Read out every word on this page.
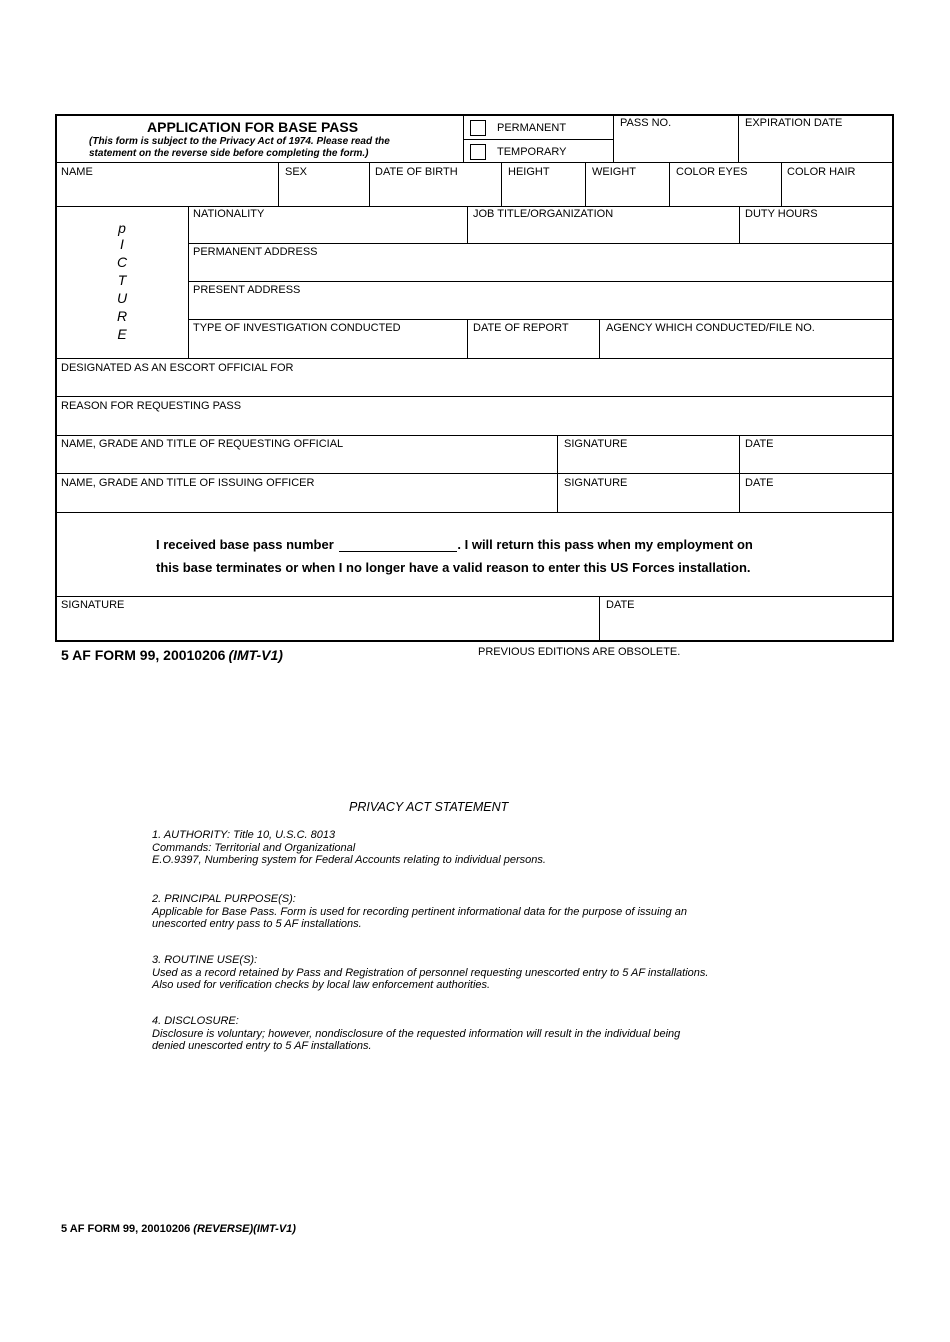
APPLICATION FOR BASE PASS
(This form is subject to the Privacy Act of 1974. Please read the
statement on the reverse side before completing the form.)
PERMANENT
TEMPORARY
PASS NO.	EXPIRATION DATE
NAME	SEX	DATE OF BIRTH	HEIGHT	WEIGHT	COLOR EYES	COLOR HAIR
p
I
C
T
U
R
E
NATIONALITY	JOB TITLE/ORGANIZATION	DUTY HOURS
PERMANENT ADDRESS
PRESENT ADDRESS
TYPE OF INVESTIGATION CONDUCTED	DATE OF REPORT	AGENCY WHICH CONDUCTED/FILE NO.
DESIGNATED AS AN ESCORT OFFICIAL FOR
REASON FOR REQUESTING PASS
NAME, GRADE AND TITLE OF REQUESTING OFFICIAL	SIGNATURE	DATE
NAME, GRADE AND TITLE OF ISSUING OFFICER	SIGNATURE	DATE
I received base pass number	. I will return this pass when my employment on
this base terminates or when I no longer have a valid reason to enter this US Forces installation.
SIGNATURE	DATE
5 AF FORM 99, 20010206 (IMT-V1)	PREVIOUS EDITIONS ARE OBSOLETE.
PRIVACY ACT STATEMENT
1. AUTHORITY: Title 10, U.S.C. 8013
Commands: Territorial and Organizational
E.O.9397, Numbering system for Federal Accounts relating to individual persons.
2. PRINCIPAL PURPOSE(S):
Applicable for Base Pass. Form is used for recording pertinent informational data for the purpose of issuing an
unescorted entry pass to 5 AF installations.
3. ROUTINE USE(S):
Used as a record retained by Pass and Registration of personnel requesting unescorted entry to 5 AF installations.
Also used for verification checks by local law enforcement authorities.
4. DISCLOSURE:
Disclosure is voluntary; however, nondisclosure of the requested information will result in the individual being
denied unescorted entry to 5 AF installations.
5 AF FORM 99, 20010206 (REVERSE)(IMT-V1)
